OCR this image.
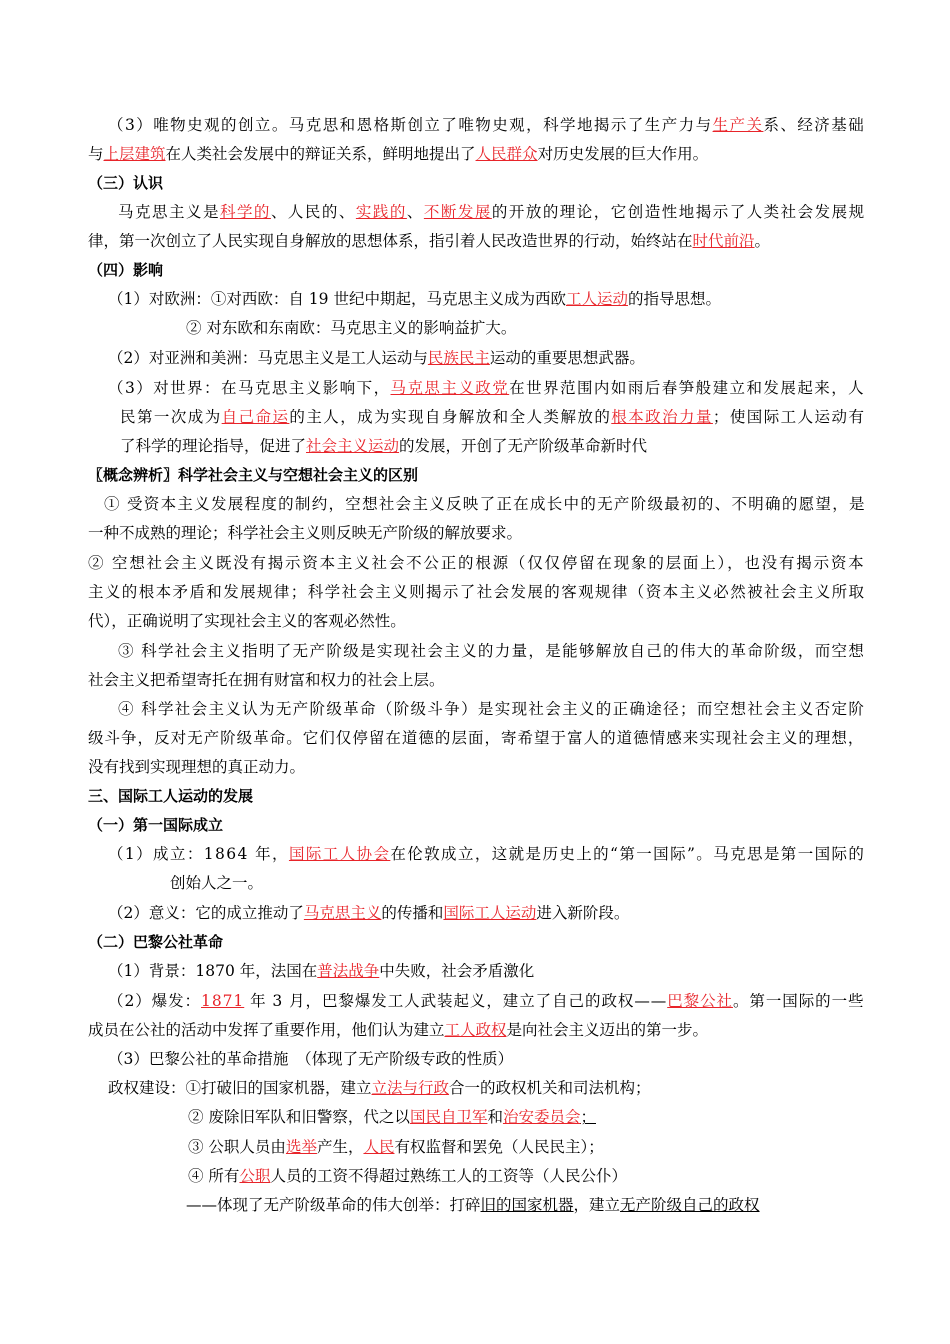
（3）唯物史观的创立。马克思和恩格斯创立了唯物史观，科学地揭示了生产力与生产关系、经济基础
与上层建筑在人类社会发展中的辩证关系，鲜明地提出了人民群众对历史发展的巨大作用。
（三）认识
马克思主义是科学的、人民的、实践的、不断发展的开放的理论，它创造性地揭示了人类社会发展规
律，第一次创立了人民实现自身解放的思想体系，指引着人民改造世界的行动，始终站在时代前沿。
（四）影响
（1）对欧洲：①对西欧：自 19 世纪中期起，马克思主义成为西欧工人运动的指导思想。
② 对东欧和东南欧：马克思主义的影响益扩大。
（2）对亚洲和美洲：马克思主义是工人运动与民族民主运动的重要思想武器。
（3）对世界：在马克思主义影响下，马克思主义政党在世界范围内如雨后春笋般建立和发展起来，人
民第一次成为自己命运的主人，成为实现自身解放和全人类解放的根本政治力量；使国际工人运动有
了科学的理论指导，促进了社会主义运动的发展，开创了无产阶级革命新时代
〖概念辨析〗科学社会主义与空想社会主义的区别
① 受资本主义发展程度的制约，空想社会主义反映了正在成长中的无产阶级最初的、不明确的愿望，是
一种不成熟的理论；科学社会主义则反映无产阶级的解放要求。
② 空想社会主义既没有揭示资本主义社会不公正的根源（仅仅停留在现象的层面上），也没有揭示资本
主义的根本矛盾和发展规律；科学社会主义则揭示了社会发展的客观规律（资本主义必然被社会主义所取
代），正确说明了实现社会主义的客观必然性。
③ 科学社会主义指明了无产阶级是实现社会主义的力量，是能够解放自己的伟大的革命阶级，而空想
社会主义把希望寄托在拥有财富和权力的社会上层。
④ 科学社会主义认为无产阶级革命（阶级斗争）是实现社会主义的正确途径；而空想社会主义否定阶
级斗争，反对无产阶级革命。它们仅停留在道德的层面，寄希望于富人的道德情感来实现社会主义的理想，
没有找到实现理想的真正动力。
三、国际工人运动的发展
（一）第一国际成立
（1）成立：1864 年，国际工人协会在伦敦成立，这就是历史上的“第一国际”。马克思是第一国际的
创始人之一。
（2）意义：它的成立推动了马克思主义的传播和国际工人运动进入新阶段。
（二）巴黎公社革命
（1）背景：1870 年，法国在普法战争中失败，社会矛盾激化
（2）爆发：1871 年 3 月，巴黎爆发工人武装起义，建立了自己的政权——巴黎公社。第一国际的一些
成员在公社的活动中发挥了重要作用，他们认为建立工人政权是向社会主义迈出的第一步。
（3）巴黎公社的革命措施　（体现了无产阶级专政的性质）
政权建设：①打破旧的国家机器，建立立法与行政合一的政权机关和司法机构；
② 废除旧军队和旧警察，代之以国民自卫军和治安委员会；
③ 公职人员由选举产生，人民有权监督和罢免（人民民主）；
④ 所有公职人员的工资不得超过熟练工人的工资等（人民公仆）
——体现了无产阶级革命的伟大创举：打碎旧的国家机器，建立无产阶级自己的政权
